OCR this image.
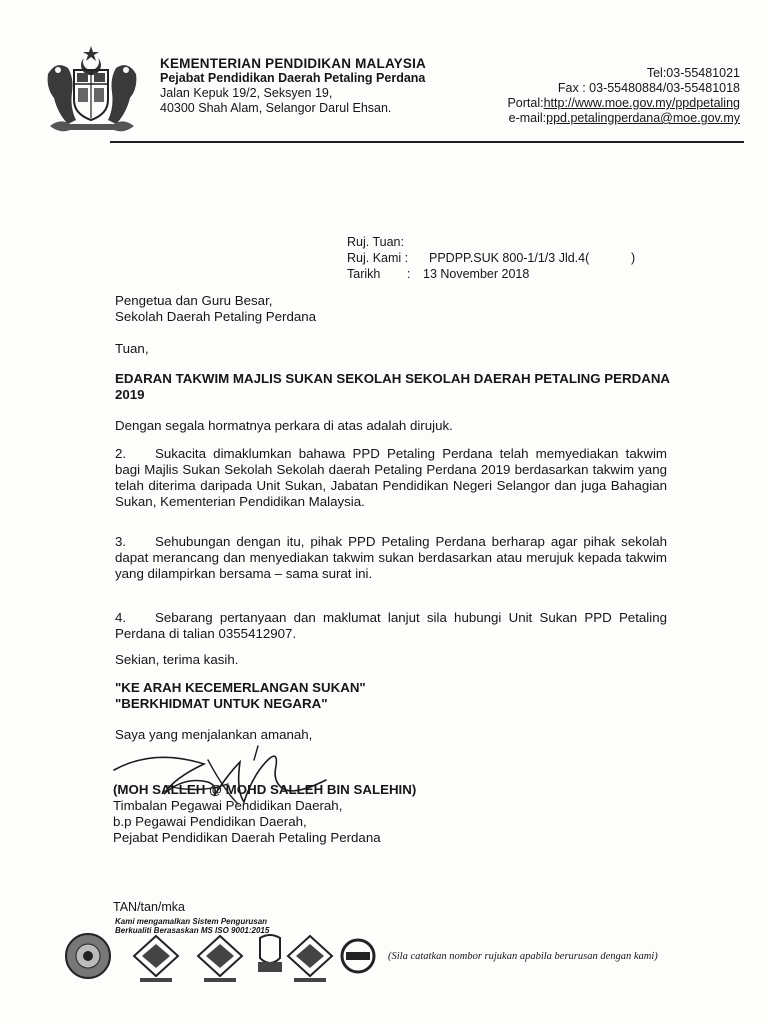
KEMENTERIAN PENDIDIKAN MALAYSIA
Pejabat Pendidikan Daerah Petaling Perdana
Jalan Kepuk 19/2, Seksyen 19,
40300 Shah Alam, Selangor Darul Ehsan.
Tel:03-55481021
Fax : 03-55480884/03-55481018
Portal:http://www.moe.gov.my/ppdpetaling
e-mail:ppd.petalingperdana@moe.gov.my
Ruj. Tuan:		
Ruj. Kami :		PPDPP.SUK 800-1/1/3 Jld.4(            )
Tarikh	:	13 November 2018
Pengetua dan Guru Besar,
Sekolah Daerah Petaling Perdana
Tuan,
EDARAN TAKWIM MAJLIS SUKAN SEKOLAH SEKOLAH DAERAH PETALING PERDANA 2019
Dengan segala hormatnya perkara di atas adalah dirujuk.
2. Sukacita dimaklumkan bahawa PPD Petaling Perdana telah memyediakan takwim bagi Majlis Sukan Sekolah Sekolah daerah Petaling Perdana 2019 berdasarkan takwim yang telah diterima daripada Unit Sukan, Jabatan Pendidikan Negeri Selangor dan juga Bahagian Sukan, Kementerian Pendidikan Malaysia.
3. Sehubungan dengan itu, pihak PPD Petaling Perdana berharap agar pihak sekolah dapat merancang dan menyediakan takwim sukan berdasarkan atau merujuk kepada takwim yang dilampirkan bersama – sama surat ini.
4. Sebarang pertanyaan dan maklumat lanjut sila hubungi Unit Sukan PPD Petaling Perdana di talian 0355412907.
Sekian, terima kasih.
"KE ARAH KECEMERLANGAN SUKAN"
"BERKHIDMAT UNTUK NEGARA"
Saya yang menjalankan amanah,
(MOH SALLEH @ MOHD SALLEH BIN SALEHIN)
Timbalan Pegawai Pendidikan Daerah,
b.p Pegawai Pendidikan Daerah,
Pejabat Pendidikan Daerah Petaling Perdana
TAN/tan/mka
Kami mengamalkan Sistem Pengurusan
Berkualiti Berasaskan MS ISO 9001:2015
(Sila catatkan nombor rujukan apabila berurusan dengan kami)
